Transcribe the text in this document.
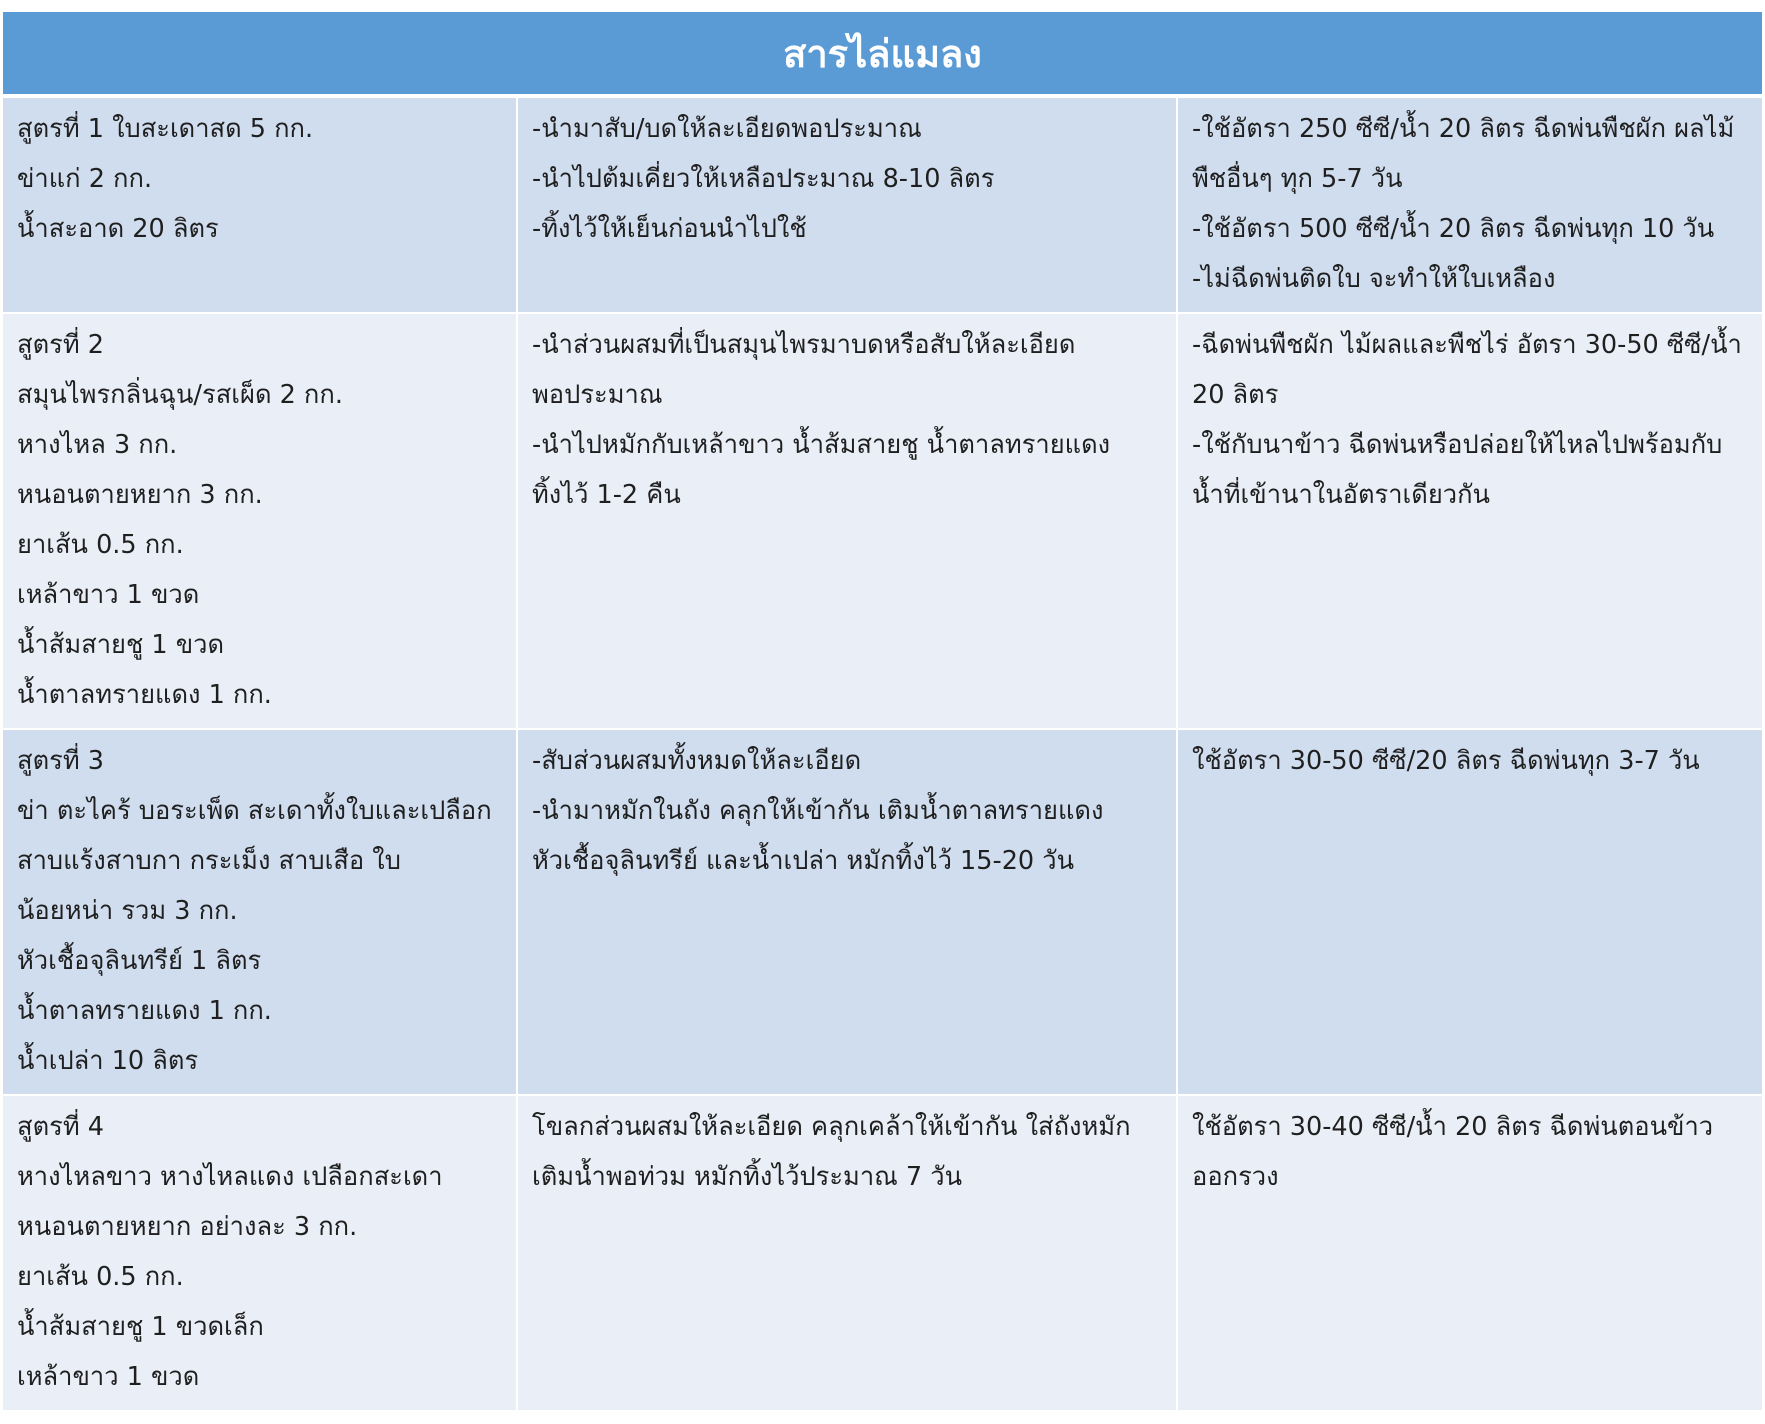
สารไล่แมลง
สูตรที่ 1 ใบสะเดาสด 5 กก.
ข่าแก่ 2 กก.
น้ำสะอาด 20 ลิตร
-นำมาสับ/บดให้ละเอียดพอประมาณ
-นำไปต้มเคี่ยวให้เหลือประมาณ 8-10 ลิตร
-ทิ้งไว้ให้เย็นก่อนนำไปใช้
-ใช้อัตรา 250 ซีซี/น้ำ 20 ลิตร ฉีดพ่นพืชผัก ผลไม้
พืชอื่นๆ ทุก 5-7 วัน
-ใช้อัตรา 500 ซีซี/น้ำ 20 ลิตร ฉีดพ่นทุก 10 วัน
-ไม่ฉีดพ่นติดใบ จะทำให้ใบเหลือง
สูตรที่ 2
สมุนไพรกลิ่นฉุน/รสเผ็ด 2 กก.
หางไหล 3 กก.
หนอนตายหยาก 3 กก.
ยาเส้น 0.5 กก.
เหล้าขาว 1 ขวด
น้ำส้มสายชู 1 ขวด
น้ำตาลทรายแดง 1 กก.
-นำส่วนผสมที่เป็นสมุนไพรมาบดหรือสับให้ละเอียด
พอประมาณ
-นำไปหมักกับเหล้าขาว น้ำส้มสายชู น้ำตาลทรายแดง
ทิ้งไว้ 1-2 คืน
-ฉีดพ่นพืชผัก ไม้ผลและพืชไร่ อัตรา 30-50 ซีซี/น้ำ
20 ลิตร
-ใช้กับนาข้าว ฉีดพ่นหรือปล่อยให้ไหลไปพร้อมกับ
น้ำที่เข้านาในอัตราเดียวกัน
สูตรที่ 3
ข่า ตะไคร้ บอระเพ็ด สะเดาทั้งใบและเปลือก
สาบแร้งสาบกา กระเม็ง สาบเสือ ใบ
น้อยหน่า รวม 3 กก.
หัวเชื้อจุลินทรีย์ 1 ลิตร
น้ำตาลทรายแดง 1 กก.
น้ำเปล่า 10 ลิตร
-สับส่วนผสมทั้งหมดให้ละเอียด
-นำมาหมักในถัง คลุกให้เข้ากัน เติมน้ำตาลทรายแดง
หัวเชื้อจุลินทรีย์ และน้ำเปล่า หมักทิ้งไว้ 15-20 วัน
ใช้อัตรา 30-50 ซีซี/20 ลิตร ฉีดพ่นทุก 3-7 วัน
สูตรที่ 4
หางไหลขาว หางไหลแดง เปลือกสะเดา
หนอนตายหยาก อย่างละ 3 กก.
ยาเส้น 0.5 กก.
น้ำส้มสายชู 1 ขวดเล็ก
เหล้าขาว 1 ขวด
โขลกส่วนผสมให้ละเอียด คลุกเคล้าให้เข้ากัน ใส่ถังหมัก
เติมน้ำพอท่วม หมักทิ้งไว้ประมาณ 7 วัน
ใช้อัตรา 30-40 ซีซี/น้ำ 20 ลิตร ฉีดพ่นตอนข้าว
ออกรวง
